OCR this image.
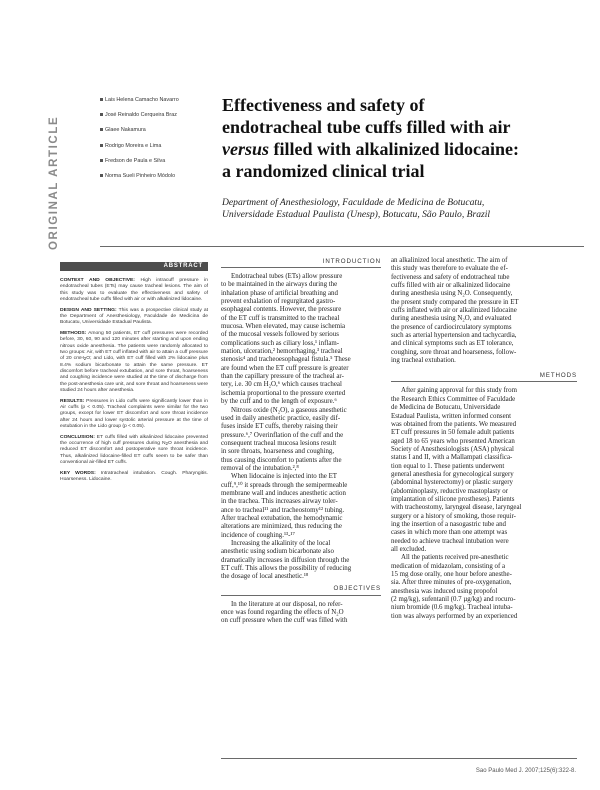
ORIGINAL ARTICLE
Lais Helena Camacho Navarro
José Reinaldo Cerqueira Braz
Glaee Nakamura
Rodrigo Moreira e Lima
Fredson de Paula e Silva
Norma Sueli Pinheiro Módolo
Effectiveness and safety of
endotracheal tube cuffs filled with air
versus filled with alkalinized lidocaine:
a randomized clinical trial
Department of Anesthesiology, Faculdade de Medicina de Botucatu,
Universidade Estadual Paulista (Unesp), Botucatu, São Paulo, Brazil
ABSTRACT

CONTEXT AND OBJECTIVE: High intracuff pressure in endotracheal tubes (ETs) may cause tracheal lesions. The aim of this study was to evaluate the effectiveness and safety of endotracheal tube cuffs filled with air or with alkalinized lidocaine.

DESIGN AND SETTING: This was a prospective clinical study at the Department of Anesthesiology, Faculdade de Medicina de Botucatu, Universidade Estadual Paulista.

METHODS: Among 50 patients, ET cuff pressures were recorded before, 30, 60, 90 and 120 minutes after starting and upon ending nitrous oxide anesthesia. The patients were randomly allocated to two groups: Air, with ET cuff inflated with air to attain a cuff pressure of 20 cmH2O; and Lido, with ET cuff filled with 2% lidocaine plus 8.4% sodium bicarbonate to attain the same pressure. ET discomfort before tracheal extubation, and sore throat, hoarseness and coughing incidence were studied at the time of discharge from the post-anesthesia care unit, and sore throat and hoarseness were studied 24 hours after anesthesia.

RESULTS: Pressures in Lido cuffs were significantly lower than in Air cuffs (p < 0.05). Tracheal complaints were similar for the two groups, except for lower ET discomfort and sore throat incidence after 24 hours and lower systolic arterial pressure at the time of extubation in the Lido group (p < 0.05).

CONCLUSION: ET cuffs filled with alkalinized lidocaine prevented the occurrence of high cuff pressures during N2O anesthesia and reduced ET discomfort and postoperative sore throat incidence. Thus, alkalinized lidocaine-filled ET cuffs seem to be safer than conventional air-filled ET cuffs.

KEY WORDS: Intratracheal intubation. Cough. Pharyngitis. Hoarseness. Lidocaine.

INTRODUCTION
Endotracheal tubes (ETs) allow pressure
to be maintained in the airways during the
inhalation phase of artificial breathing and
prevent exhalation of regurgitated gastro-
esophageal contents. However, the pressure
of the ET cuff is transmitted to the tracheal
mucosa. When elevated, may cause ischemia
of the mucosal vessels followed by serious
complications such as ciliary loss,¹ inflam-
mation, ulceration,² hemorrhaging,³ tracheal
stenosis⁴ and tracheoesophageal fistula.⁵ These
are found when the ET cuff pressure is greater
than the capillary pressure of the tracheal ar-
tery, i.e. 30 cm H₂O,⁶ which causes tracheal
ischemia proportional to the pressure exerted
by the cuff and to the length of exposure.⁶
Nitrous oxide (N₂O), a gaseous anesthetic
used in daily anesthetic practice, easily dif-
fuses inside ET cuffs, thereby raising their
pressure.⁶,⁷ Overinflation of the cuff and the
consequent tracheal mucosa lesions result
in sore throats, hoarseness and coughing,
thus causing discomfort to patients after the
removal of the intubation.²,⁸
When lidocaine is injected into the ET
cuff,⁹,¹⁰ it spreads through the semipermeable
membrane wall and induces anesthetic action
in the trachea. This increases airway toler-
ance to tracheal¹¹ and tracheostomy¹² tubing.
After tracheal extubation, the hemodynamic
alterations are minimized, thus reducing the
incidence of coughing.¹³-¹⁷
Increasing the alkalinity of the local
anesthetic using sodium bicarbonate also
dramatically increases in diffusion through the
ET cuff. This allows the possibility of reducing
the dosage of local anesthetic.¹⁸
OBJECTIVES
In the literature at our disposal, no refer-
ence was found regarding the effects of N₂O
on cuff pressure when the cuff was filled with
an alkalinized local anesthetic. The aim of
this study was therefore to evaluate the ef-
fectiveness and safety of endotracheal tube
cuffs filled with air or alkalinized lidocaine
during anesthesia using N₂O. Consequently,
the present study compared the pressure in ET
cuffs inflated with air or alkalinized lidocaine
during anesthesia using N₂O, and evaluated
the presence of cardiocirculatory symptoms
such as arterial hypertension and tachycardia,
and clinical symptoms such as ET tolerance,
coughing, sore throat and hoarseness, follow-
ing tracheal extubation.
METHODS
After gaining approval for this study from
the Research Ethics Committee of Faculdade
de Medicina de Botucatu, Universidade
Estadual Paulista, written informed consent
was obtained from the patients. We measured
ET cuff pressures in 50 female adult patients
aged 18 to 65 years who presented American
Society of Anesthesiologists (ASA) physical
status I and II, with a Mallampati classifica-
tion equal to 1. These patients underwent
general anesthesia for gynecological surgery
(abdominal hysterectomy) or plastic surgery
(abdominoplasty, reductive mastoplasty or
implantation of silicone prostheses). Patients
with tracheostomy, laryngeal disease, laryngeal
surgery or a history of smoking, those requir-
ing the insertion of a nasogastric tube and
cases in which more than one attempt was
needed to achieve tracheal intubation were
all excluded.
All the patients received pre-anesthetic
medication of midazolam, consisting of a
15 mg dose orally, one hour before anesthe-
sia. After three minutes of pre-oxygenation,
anesthesia was induced using propofol
(2 mg/kg), sufentanil (0.7 µg/kg) and rocuro-
nium bromide (0.6 mg/kg). Tracheal intuba-
tion was always performed by an experienced
Sao Paulo Med J. 2007;125(6):322-8.
